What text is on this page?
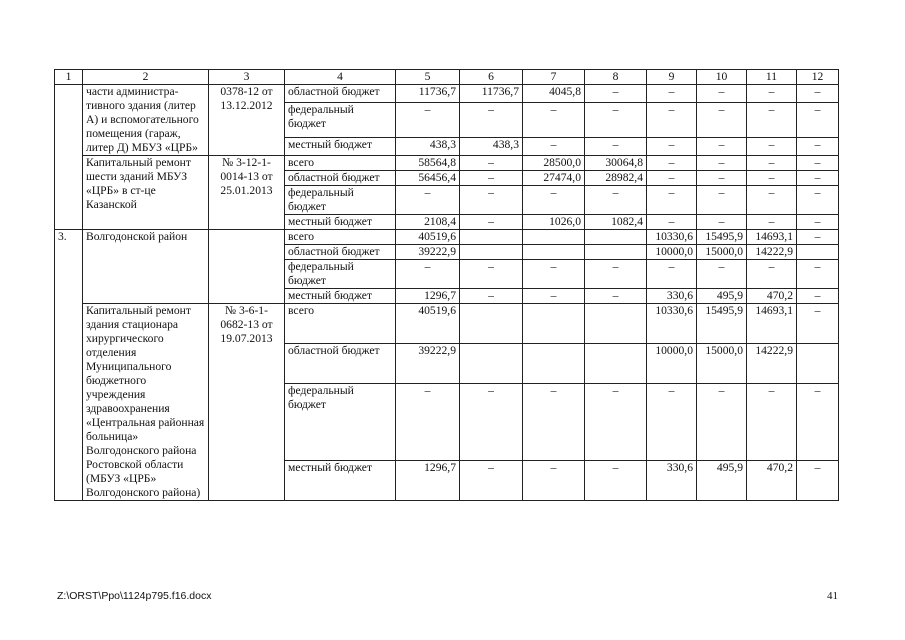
1	2	3	4	5	6	7	8	9	10	11	12
	части администра-тивного здания (литер А) и вспомогательного помещения (гараж, литер Д) МБУЗ «ЦРБ»	0378-12 от 13.12.2012	областной бюджет	11736,7	11736,7	4045,8	–	–	–	–	–
			федеральный бюджет	–	–	–	–	–	–	–	–
			местный бюджет	438,3	438,3	–	–	–	–	–	–
	Капитальный ремонт шести зданий МБУЗ «ЦРБ» в ст-це Казанской	№ 3-12-1-0014-13 от 25.01.2013	всего	58564,8	–	28500,0	30064,8	–	–	–	–
			областной бюджет	56456,4	–	27474,0	28982,4	–	–	–	–
			федеральный бюджет	–	–	–	–	–	–	–	–
			местный бюджет	2108,4	–	1026,0	1082,4	–	–	–	–
3.	Волгодонской район		всего	40519,6				10330,6	15495,9	14693,1	–
			областной бюджет	39222,9				10000,0	15000,0	14222,9	
			федеральный бюджет	–	–	–	–	–	–	–	–
			местный бюджет	1296,7	–	–	–	330,6	495,9	470,2	–
	Капитальный ремонт здания стационара хирургического отделения Муниципального бюджетного учреждения здравоохранения «Центральная районная больница» Волгодонского района Ростовской области (МБУЗ «ЦРБ» Волгодонского района)	№ 3-6-1-0682-13 от 19.07.2013	всего	40519,6				10330,6	15495,9	14693,1	–
			областной бюджет	39222,9				10000,0	15000,0	14222,9	
			федеральный бюджет	–	–	–	–	–	–	–	–
			местный бюджет	1296,7	–	–	–	330,6	495,9	470,2	–
Z:\ORST\Ppo\1124p795.f16.docx	41
